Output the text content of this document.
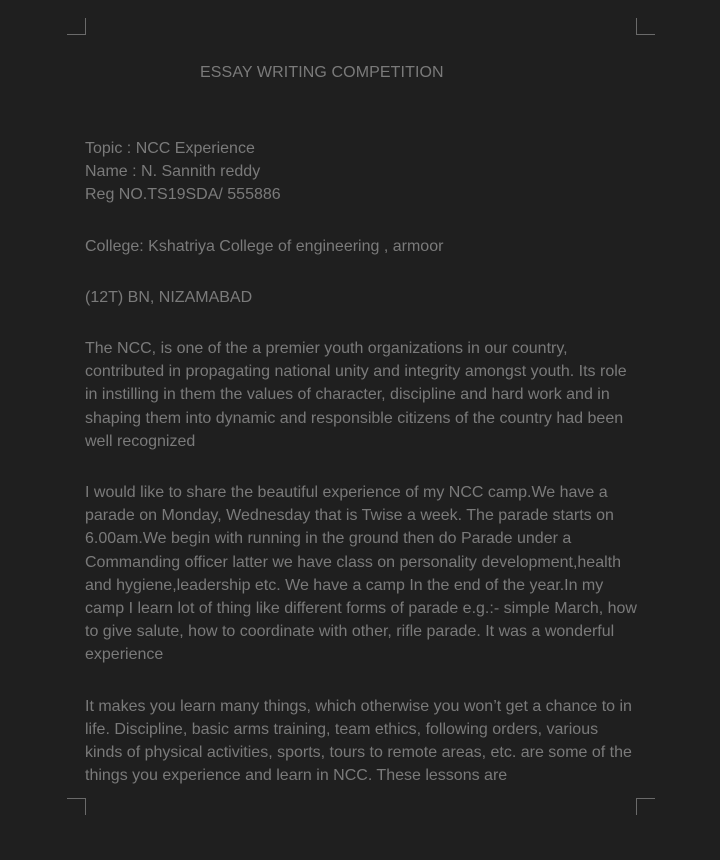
ESSAY WRITING COMPETITION
Topic : NCC Experience
Name : N. Sannith reddy
Reg NO.TS19SDA/ 555886
College: Kshatriya College of engineering , armoor
(12T) BN, NIZAMABAD

The NCC, is one of the a premier youth organizations in our country, contributed in propagating national unity and integrity amongst youth. Its role in instilling in them the values of character, discipline and hard work and in shaping them into dynamic and responsible citizens of the country had been well recognized

I would like to share the beautiful experience of my NCC camp.We have a parade on Monday, Wednesday that is Twise a week. The parade starts on 6.00am.We begin with running in the ground then do Parade under a Commanding officer latter we have class on personality development,health and hygiene,leadership etc. We have a camp In the end of the year.In my camp I learn lot of thing like different forms of parade e.g.:- simple March, how to give salute, how to coordinate with other, rifle parade. It was a wonderful experience

It makes you learn many things, which otherwise you won’t get a chance to in life. Discipline, basic arms training, team ethics, following orders, various kinds of physical activities, sports, tours to remote areas, etc. are some of the things you experience and learn in NCC. These lessons are
